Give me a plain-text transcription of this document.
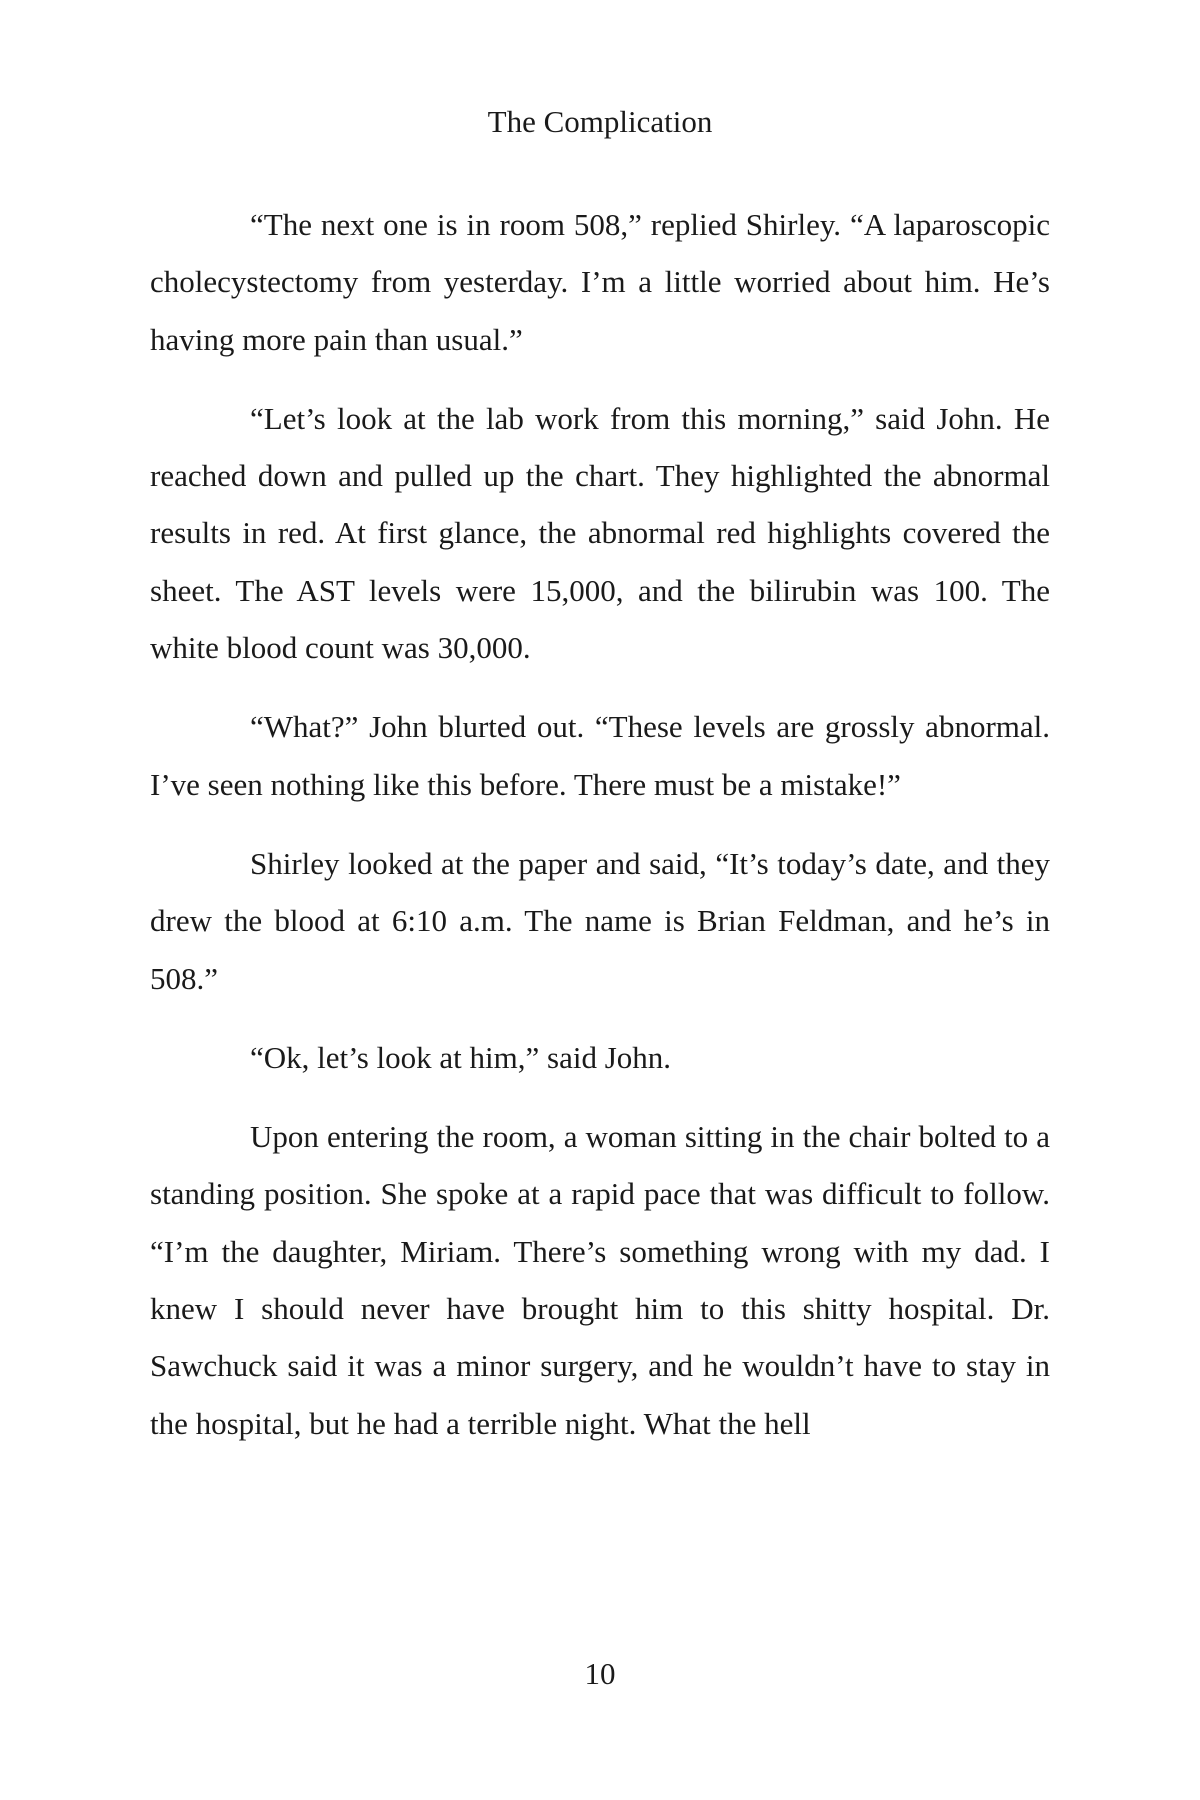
The Complication

“The next one is in room 508,” replied Shirley. “A laparoscopic cholecystectomy from yesterday. I’m a little worried about him. He’s having more pain than usual.”

“Let’s look at the lab work from this morning,” said John. He reached down and pulled up the chart. They highlighted the abnormal results in red. At first glance, the abnormal red highlights covered the sheet. The AST levels were 15,000, and the bilirubin was 100. The white blood count was 30,000.

“What?” John blurted out. “These levels are grossly abnormal. I’ve seen nothing like this before. There must be a mistake!”

Shirley looked at the paper and said, “It’s today’s date, and they drew the blood at 6:10 a.m. The name is Brian Feldman, and he’s in 508.”

“Ok, let’s look at him,” said John.

Upon entering the room, a woman sitting in the chair bolted to a standing position. She spoke at a rapid pace that was difficult to follow. “I’m the daughter, Miriam. There’s something wrong with my dad. I knew I should never have brought him to this shitty hospital. Dr. Sawchuck said it was a minor surgery, and he wouldn’t have to stay in the hospital, but he had a terrible night. What the hell

10
